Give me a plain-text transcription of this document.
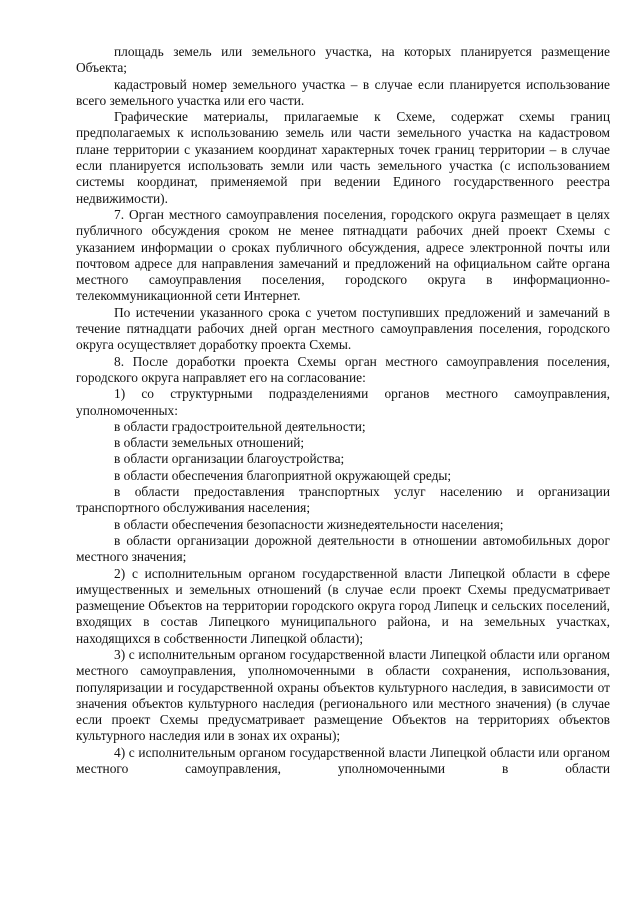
площадь земель или земельного участка, на которых планируется размещение Объекта;

кадастровый номер земельного участка – в случае если планируется использование всего земельного участка или его части.

Графические материалы, прилагаемые к Схеме, содержат схемы границ предполагаемых к использованию земель или части земельного участка на кадастровом плане территории с указанием координат характерных точек границ территории – в случае если планируется использовать земли или часть земельного участка (с использованием системы координат, применяемой при ведении Единого государственного реестра недвижимости).

7. Орган местного самоуправления поселения, городского округа размещает в целях публичного обсуждения сроком не менее пятнадцати рабочих дней проект Схемы с указанием информации о сроках публичного обсуждения, адресе электронной почты или почтовом адресе для направления замечаний и предложений на официальном сайте органа местного самоуправления поселения, городского округа в информационно-телекоммуникационной сети Интернет.

По истечении указанного срока с учетом поступивших предложений и замечаний в течение пятнадцати рабочих дней орган местного самоуправления поселения, городского округа осуществляет доработку проекта Схемы.

8. После доработки проекта Схемы орган местного самоуправления поселения, городского округа направляет его на согласование:

1) со структурными подразделениями органов местного самоуправления, уполномоченных:

в области градостроительной деятельности;

в области земельных отношений;

в области организации благоустройства;

в области обеспечения благоприятной окружающей среды;

в области предоставления транспортных услуг населению и организации транспортного обслуживания населения;

в области обеспечения безопасности жизнедеятельности населения;

в области организации дорожной деятельности в отношении автомобильных дорог местного значения;

2) с исполнительным органом государственной власти Липецкой области в сфере имущественных и земельных отношений (в случае если проект Схемы предусматривает размещение Объектов на территории городского округа город Липецк и сельских поселений, входящих в состав Липецкого муниципального района, и на земельных участках, находящихся в собственности Липецкой области);

3) с исполнительным органом государственной власти Липецкой области или органом местного самоуправления, уполномоченными в области сохранения, использования, популяризации и государственной охраны объектов культурного наследия, в зависимости от значения объектов культурного наследия (регионального или местного значения) (в случае если проект Схемы предусматривает размещение Объектов на территориях объектов культурного наследия или в зонах их охраны);

4) с исполнительным органом государственной власти Липецкой области или органом местного самоуправления, уполномоченными в области
